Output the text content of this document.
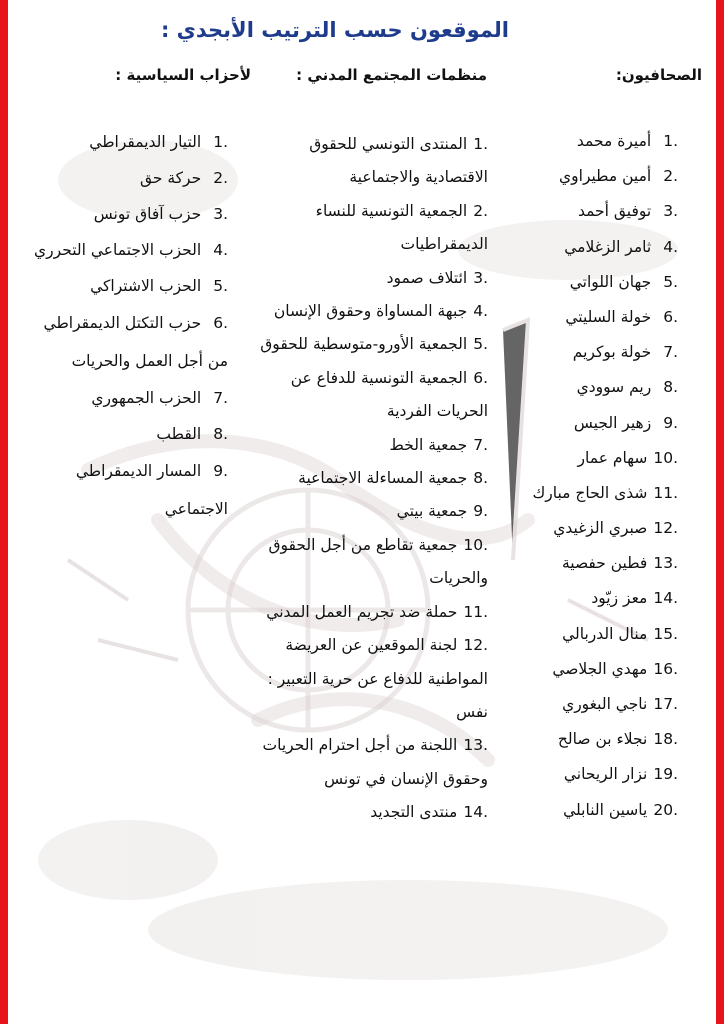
الموقعون حسب الترتيب الأبجدي :
الصحافيون:
منظمات المجتمع المدني :
لأحزاب السياسية :
1.أميرة محمد
2.أمين مطيراوي
3.توفيق أحمد
4.ثامر الزغلامي
5.جهان اللواتي
6.خولة السليتي
7.خولة بوكريم
8.ريم سوودي
9.زهير الجيس
10.سهام عمار
11.شذى الحاج مبارك
12.صبري الزغيدي
13.فطين حفصية
14.معز زيّود
15.منال الدربالي
16.مهدي الجلاصي
17.ناجي البغوري
18.نجلاء بن صالح
19.نزار الريحاني
20.ياسين النابلي
1.المنتدى التونسي للحقوق الاقتصادية والاجتماعية
2.الجمعية التونسية للنساء الديمقراطيات
3.ائتلاف صمود
4.جبهة المساواة وحقوق الإنسان
5.الجمعية الأورو-متوسطية للحقوق
6.الجمعية التونسية للدفاع عن الحريات الفردية
7.جمعية الخط
8.جمعية المساءلة الاجتماعية
9.جمعية بيتي
10.جمعية تقاطع من أجل الحقوق والحريات
11.حملة ضد تجريم العمل المدني
12.لجنة الموقعين عن العريضة المواطنية للدفاع عن حرية التعبير : نفس
13.اللجنة من أجل احترام الحريات وحقوق الإنسان في تونس
14.منتدى التجديد
1.التيار الديمقراطي
2.حركة حق
3.حزب آفاق تونس
4.الحزب الاجتماعي التحرري
5.الحزب الاشتراكي
6.حزب التكتل الديمقراطي من أجل العمل والحريات
7.الحزب الجمهوري
8.القطب
9.المسار الديمقراطي الاجتماعي
